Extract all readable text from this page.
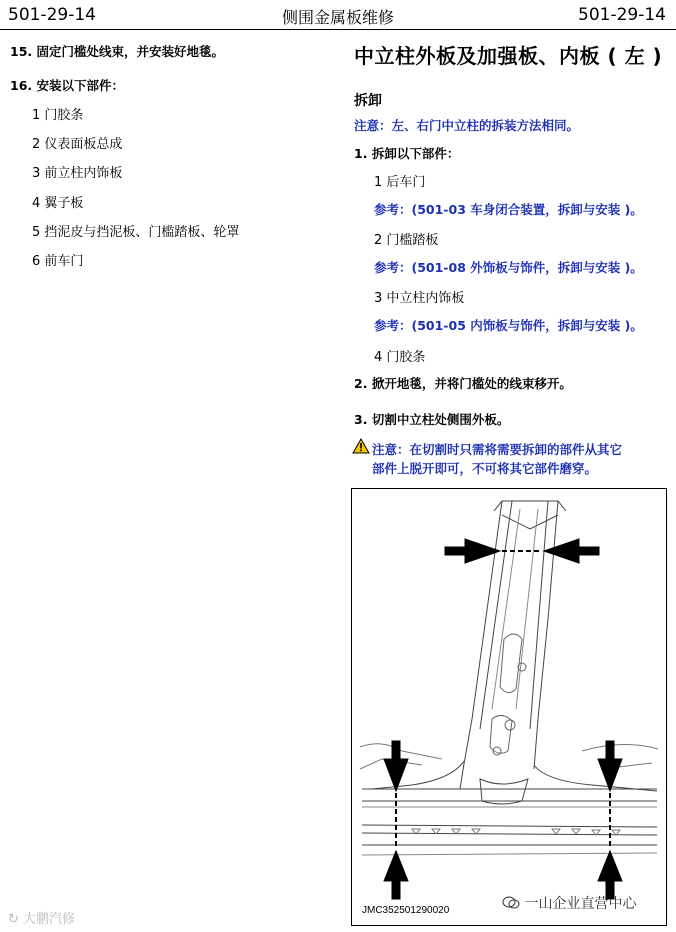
501-29-14	侧围金属板维修	501-29-14
15. 固定门槛处线束，并安装好地毯。
16. 安装以下部件：
1 门胶条
2 仪表面板总成
3 前立柱内饰板
4 翼子板
5 挡泥皮与挡泥板、门槛踏板、轮罩
6 前车门
中立柱外板及加强板、内板 ( 左 )
拆卸
注意：左、右门中立柱的拆装方法相同。
1. 拆卸以下部件：
1 后车门
参考：(501-03 车身闭合装置，拆卸与安装 )。
2 门槛踏板
参考：(501-08 外饰板与饰件，拆卸与安装 )。
3 中立柱内饰板
参考：(501-05 内饰板与饰件，拆卸与安装 )。
4 门胶条
2. 掀开地毯，并将门槛处的线束移开。
3. 切割中立柱处侧围外板。
注意：在切割时只需将需要拆卸的部件从其它
部件上脱开即可，不可将其它部件磨穿。
JMC352501290020	一山企业直营中心
↻ 大鹏汽修
